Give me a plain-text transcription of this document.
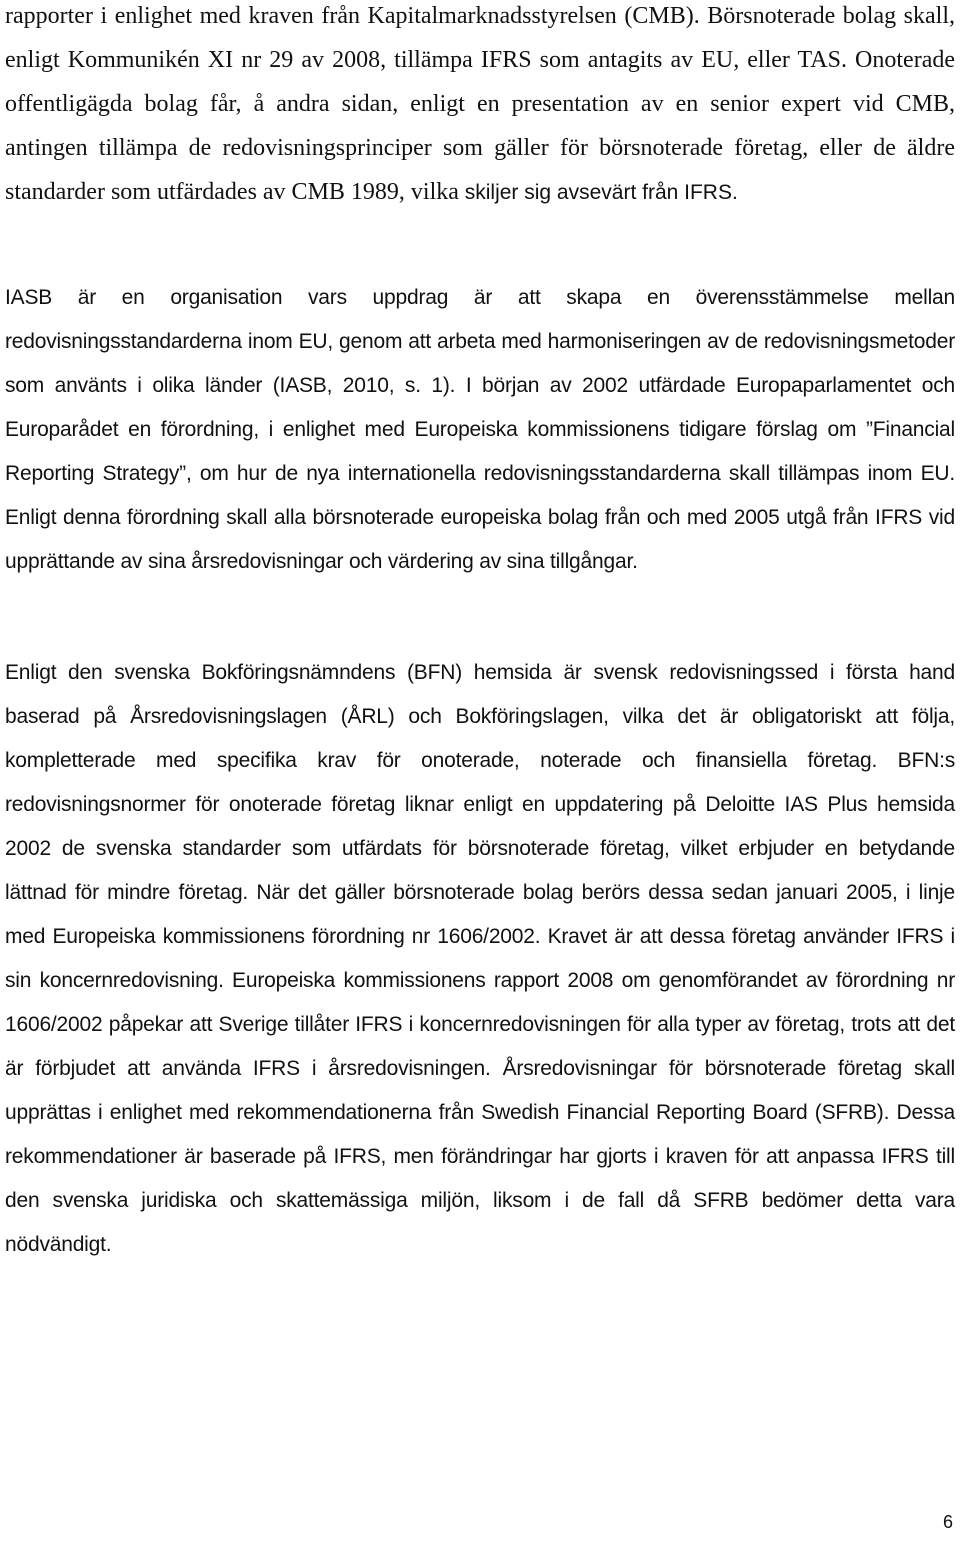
rapporter i enlighet med kraven från Kapitalmarknadsstyrelsen (CMB). Börsnoterade bolag skall, enligt Kommunikén XI nr 29 av 2008, tillämpa IFRS som antagits av EU, eller TAS. Onoterade offentligägda bolag får, å andra sidan, enligt en presentation av en senior expert vid CMB, antingen tillämpa de redovisningsprinciper som gäller för börsnoterade företag, eller de äldre standarder som utfärdades av CMB 1989, vilka skiljer sig avsevärt från IFRS.

IASB är en organisation vars uppdrag är att skapa en överensstämmelse mellan redovisningsstandarderna inom EU, genom att arbeta med harmoniseringen av de redovisningsmetoder som använts i olika länder (IASB, 2010, s. 1). I början av 2002 utfärdade Europaparlamentet och Europarådet en förordning, i enlighet med Europeiska kommissionens tidigare förslag om ”Financial Reporting Strategy”, om hur de nya internationella redovisningsstandarderna skall tillämpas inom EU. Enligt denna förordning skall alla börsnoterade europeiska bolag från och med 2005 utgå från IFRS vid upprättande av sina årsredovisningar och värdering av sina tillgångar.

Enligt den svenska Bokföringsnämndens (BFN) hemsida är svensk redovisningssed i första hand baserad på Årsredovisningslagen (ÅRL) och Bokföringslagen, vilka det är obligatoriskt att följa, kompletterade med specifika krav för onoterade, noterade och finansiella företag. BFN:s redovisningsnormer för onoterade företag liknar enligt en uppdatering på Deloitte IAS Plus hemsida 2002 de svenska standarder som utfärdats för börsnoterade företag, vilket erbjuder en betydande lättnad för mindre företag. När det gäller börsnoterade bolag berörs dessa sedan januari 2005, i linje med Europeiska kommissionens förordning nr 1606/2002. Kravet är att dessa företag använder IFRS i sin koncernredovisning. Europeiska kommissionens rapport 2008 om genomförandet av förordning nr 1606/2002 påpekar att Sverige tillåter IFRS i koncernredovisningen för alla typer av företag, trots att det är förbjudet att använda IFRS i årsredovisningen. Årsredovisningar för börsnoterade företag skall upprättas i enlighet med rekommendationerna från Swedish Financial Reporting Board (SFRB). Dessa rekommendationer är baserade på IFRS, men förändringar har gjorts i kraven för att anpassa IFRS till den svenska juridiska och skattemässiga miljön, liksom i de fall då SFRB bedömer detta vara nödvändigt.

6
